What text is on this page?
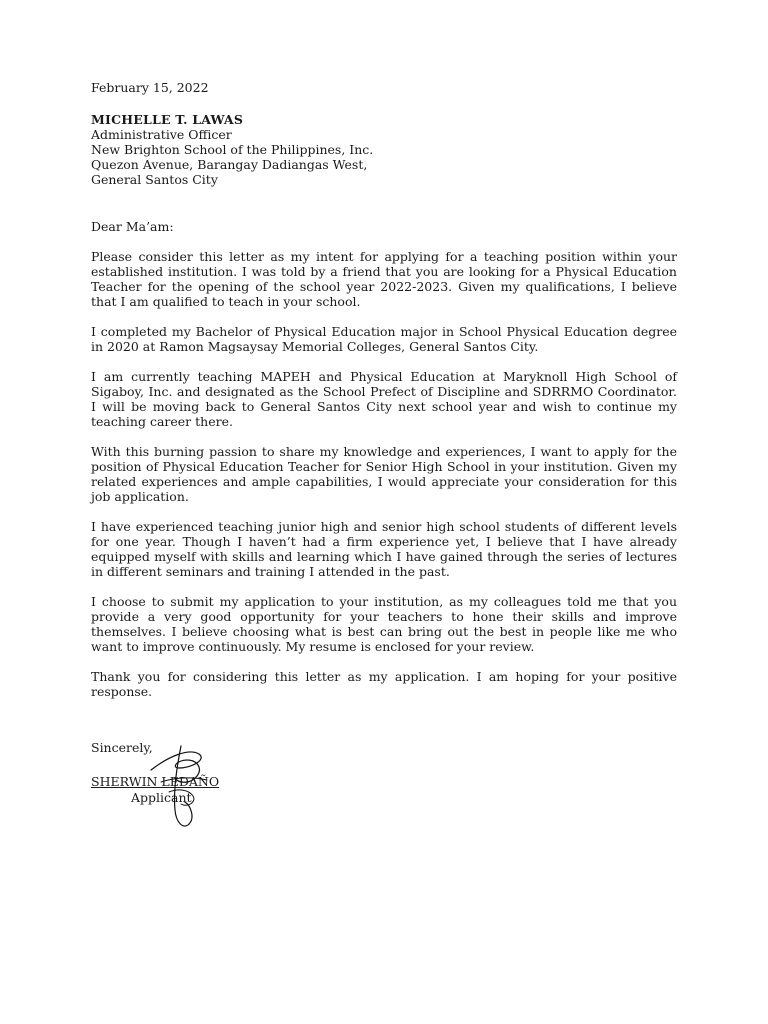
February 15, 2022
MICHELLE T. LAWAS
Administrative Officer
New Brighton School of the Philippines, Inc.
Quezon Avenue, Barangay Dadiangas West,
General Santos City
Dear Ma’am:

Please consider this letter as my intent for applying for a teaching position within your established institution. I was told by a friend that you are looking for a Physical Education Teacher for the opening of the school year 2022-2023. Given my qualifications, I believe that I am qualified to teach in your school.

I completed my Bachelor of Physical Education major in School Physical Education degree in 2020 at Ramon Magsaysay Memorial Colleges, General Santos City.

I am currently teaching MAPEH and Physical Education at Maryknoll High School of Sigaboy, Inc. and designated as the School Prefect of Discipline and SDRRMO Coordinator. I will be moving back to General Santos City next school year and wish to continue my teaching career there.

With this burning passion to share my knowledge and experiences, I want to apply for the position of Physical Education Teacher for Senior High School in your institution. Given my related experiences and ample capabilities, I would appreciate your consideration for this job application.

I have experienced teaching junior high and senior high school students of different levels for one year. Though I haven’t had a firm experience yet, I believe that I have already equipped myself with skills and learning which I have gained through the series of lectures in different seminars and training I attended in the past.

I choose to submit my application to your institution, as my colleagues told me that you provide a very good opportunity for your teachers to hone their skills and improve themselves. I believe choosing what is best can bring out the best in people like me who want to improve continuously. My resume is enclosed for your review.

Thank you for considering this letter as my application. I am hoping for your positive response.

Sincerely,
SHERWIN LEDAÑO
Applicant
